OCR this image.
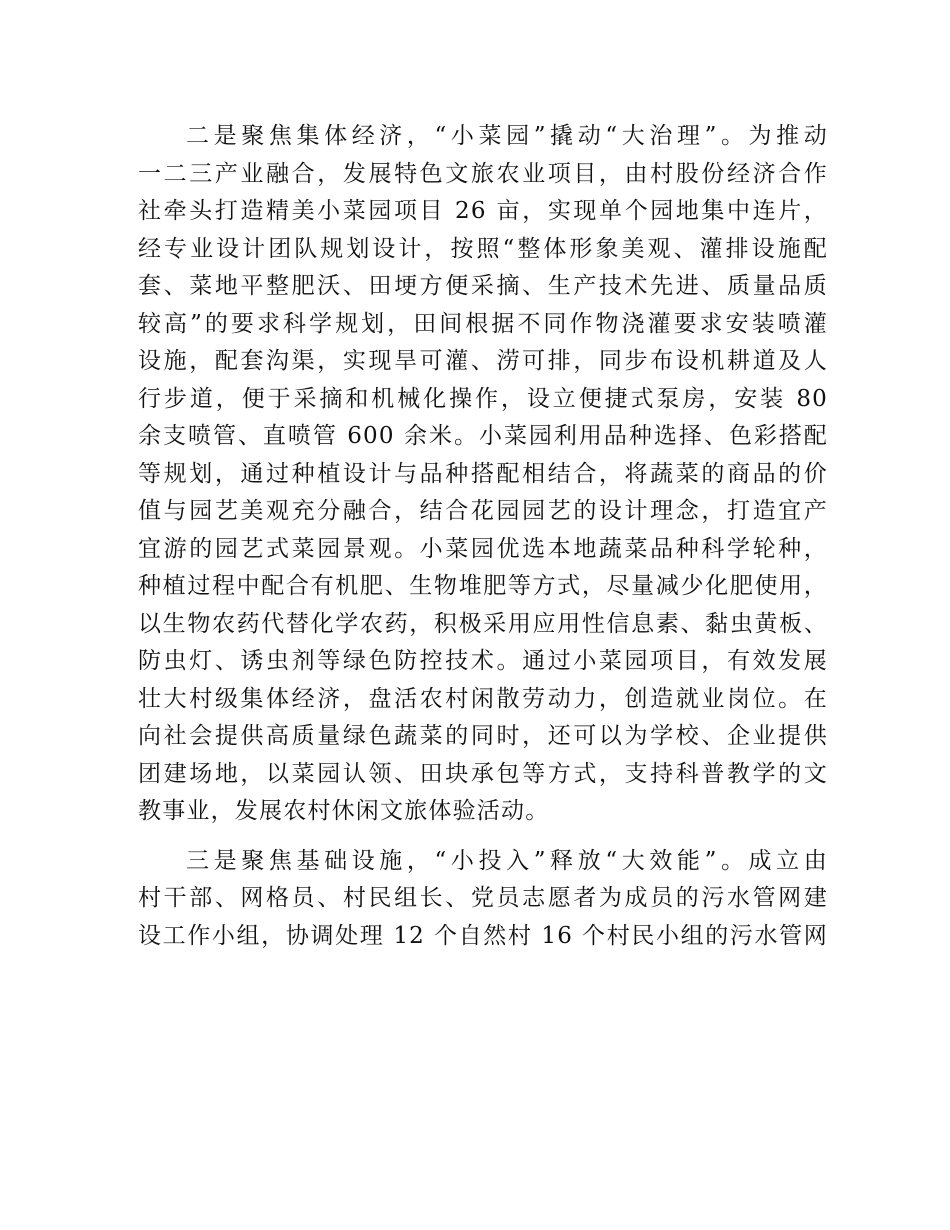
二是聚焦集体经济，“小菜园”撬动“大治理”。为推动
一二三产业融合，发展特色文旅农业项目，由村股份经济合作
社牵头打造精美小菜园项目 26 亩，实现单个园地集中连片，
经专业设计团队规划设计，按照“整体形象美观、灌排设施配
套、菜地平整肥沃、田埂方便采摘、生产技术先进、质量品质
较高”的要求科学规划，田间根据不同作物浇灌要求安装喷灌
设施，配套沟渠，实现旱可灌、涝可排，同步布设机耕道及人
行步道，便于采摘和机械化操作，设立便捷式泵房，安装 80
余支喷管、直喷管 600 余米。小菜园利用品种选择、色彩搭配
等规划，通过种植设计与品种搭配相结合，将蔬菜的商品的价
值与园艺美观充分融合，结合花园园艺的设计理念，打造宜产
宜游的园艺式菜园景观。小菜园优选本地蔬菜品种科学轮种，
种植过程中配合有机肥、生物堆肥等方式，尽量减少化肥使用，
以生物农药代替化学农药，积极采用应用性信息素、黏虫黄板、
防虫灯、诱虫剂等绿色防控技术。通过小菜园项目，有效发展
壮大村级集体经济，盘活农村闲散劳动力，创造就业岗位。在
向社会提供高质量绿色蔬菜的同时，还可以为学校、企业提供
团建场地，以菜园认领、田块承包等方式，支持科普教学的文
教事业，发展农村休闲文旅体验活动。

三是聚焦基础设施，“小投入”释放“大效能”。成立由
村干部、网格员、村民组长、党员志愿者为成员的污水管网建
设工作小组，协调处理 12 个自然村 16 个村民小组的污水管网
